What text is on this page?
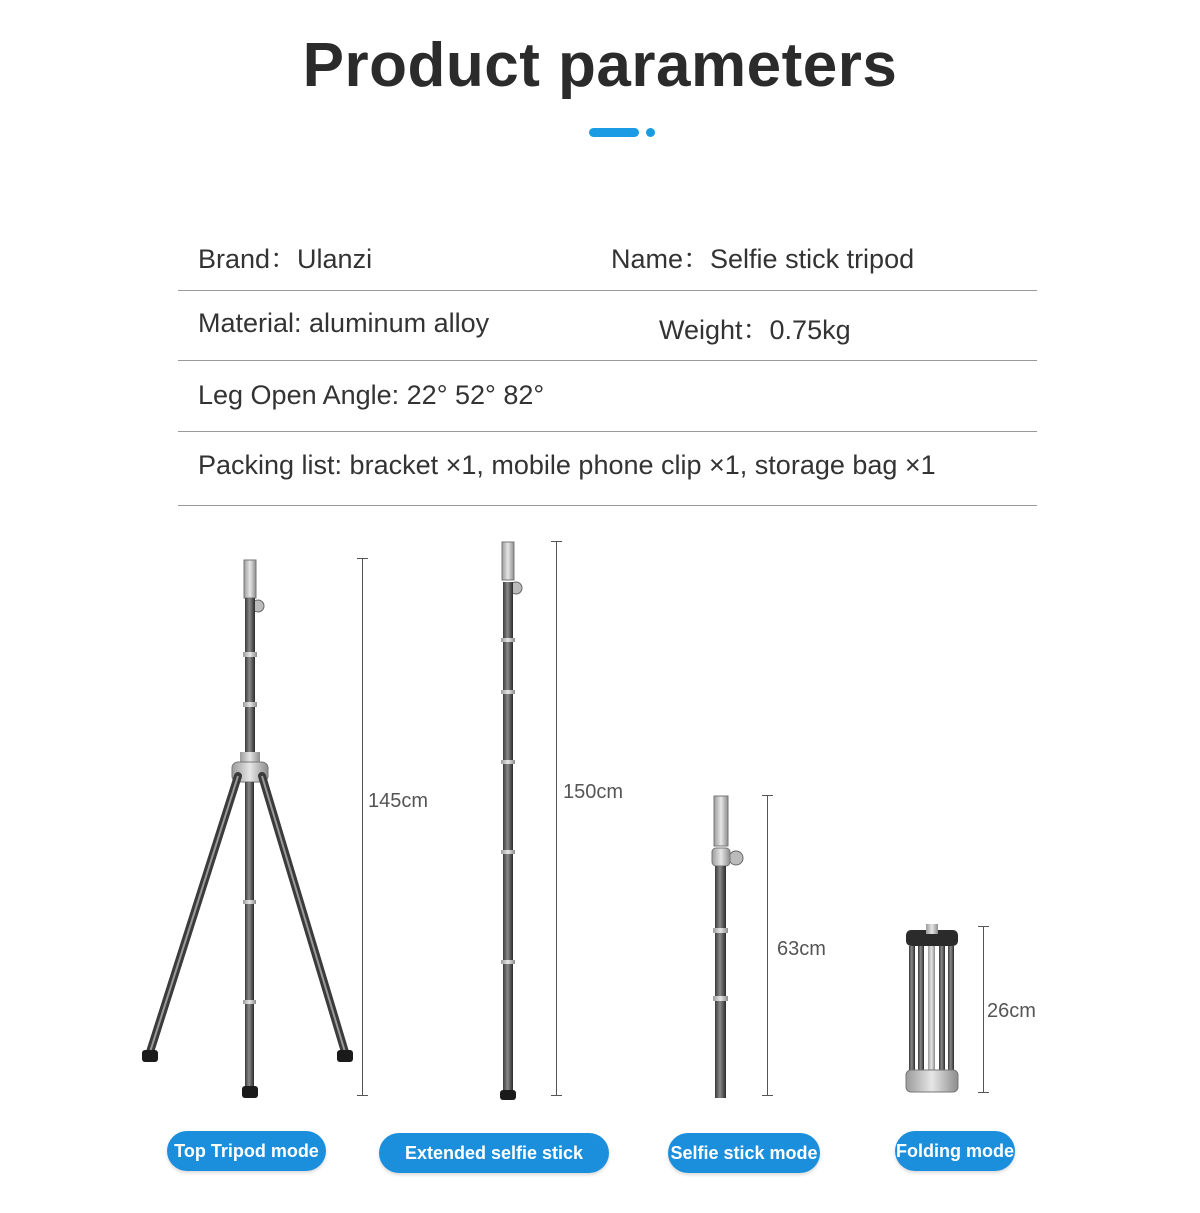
Product parameters
Brand：Ulanzi	Name：Selfie stick tripod
Material: aluminum alloy	Weight：0.75kg
Leg Open Angle: 22° 52° 82°
Packing list: bracket ×1, mobile phone clip ×1, storage bag ×1
145cm	150cm
63cm
26cm
Top Tripod mode	Extended selfie stick mode
Selfie stick mode	Folding mode
